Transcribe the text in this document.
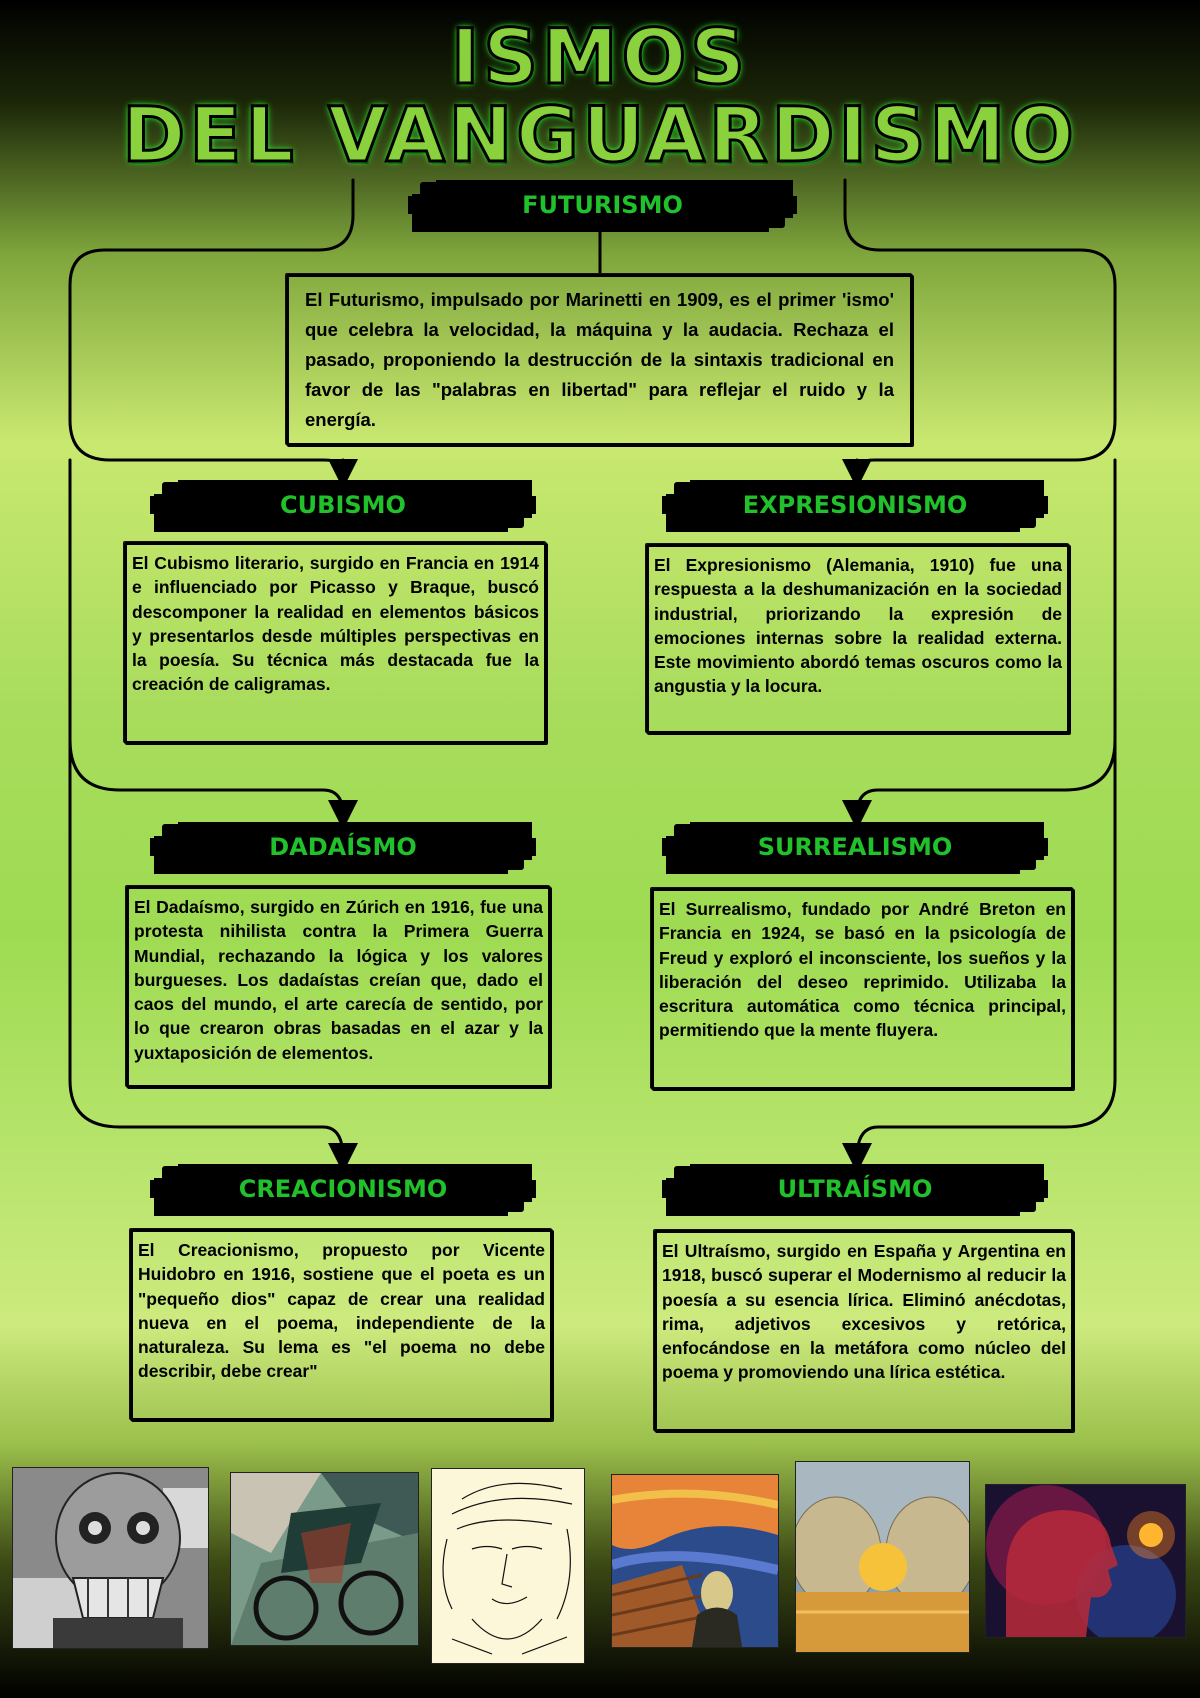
ISMOS
DEL VANGUARDISMO
FUTURISMO
El Futurismo, impulsado por Marinetti en 1909, es el primer 'ismo' que celebra la velocidad, la máquina y la audacia. Rechaza el pasado, proponiendo la destrucción de la sintaxis tradicional en favor de las "palabras en libertad" para reflejar el ruido y la energía.
CUBISMO
El Cubismo literario, surgido en Francia en 1914 e influenciado por Picasso y Braque, buscó descomponer la realidad en elementos básicos y presentarlos desde múltiples perspectivas en la poesía. Su técnica más destacada fue la creación de caligramas.
EXPRESIONISMO
El Expresionismo (Alemania, 1910) fue una respuesta a la deshumanización en la sociedad industrial, priorizando la expresión de emociones internas sobre la realidad externa. Este movimiento abordó temas oscuros como la angustia y la locura.
DADAÍSMO
El Dadaísmo, surgido en Zúrich en 1916, fue una protesta nihilista contra la Primera Guerra Mundial, rechazando la lógica y los valores burgueses. Los dadaístas creían que, dado el caos del mundo, el arte carecía de sentido, por lo que crearon obras basadas en el azar y la yuxtaposición de elementos.
SURREALISMO
El Surrealismo, fundado por André Breton en Francia en 1924, se basó en la psicología de Freud y exploró el inconsciente, los sueños y la liberación del deseo reprimido. Utilizaba la escritura automática como técnica principal, permitiendo que la mente fluyera.
CREACIONISMO
El Creacionismo, propuesto por Vicente Huidobro en 1916, sostiene que el poeta es un "pequeño dios" capaz de crear una realidad nueva en el poema, independiente de la naturaleza. Su lema es "el poema no debe describir, debe crear"
ULTRAÍSMO
El Ultraísmo, surgido en España y Argentina en 1918, buscó superar el Modernismo al reducir la poesía a su esencia lírica. Eliminó anécdotas, rima, adjetivos excesivos y retórica, enfocándose en la metáfora como núcleo del poema y promoviendo una lírica estética.
